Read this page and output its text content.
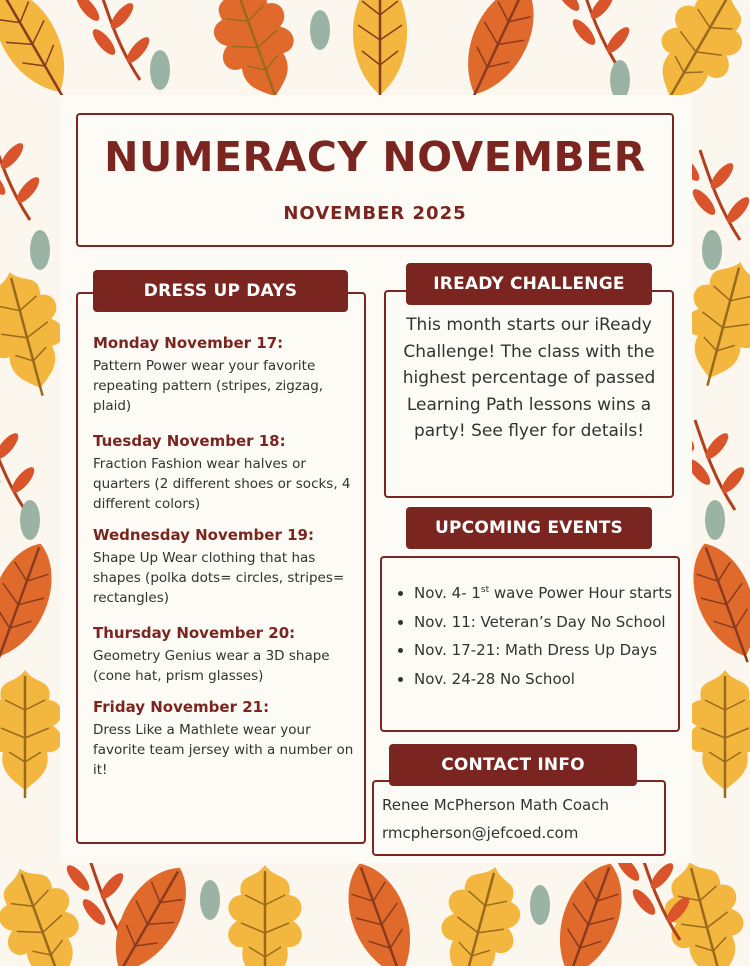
NUMERACY NOVEMBER
NOVEMBER 2025

Monday November 17:

Pattern Power wear your favorite repeating pattern (stripes, zigzag, plaid)

Tuesday November 18:

Fraction Fashion wear halves or quarters (2 different shoes or socks, 4 different colors)

Wednesday November 19:

Shape Up Wear clothing that has shapes (polka dots= circles, stripes= rectangles)

Thursday November 20:

Geometry Genius wear a 3D shape (cone hat, prism glasses)

Friday November 21:

Dress Like a Mathlete wear your favorite team jersey with a number on it!

DRESS UP DAYS
This month starts our iReady Challenge! The class with the highest percentage of passed Learning Path lessons wins a party! See flyer for details!
IREADY CHALLENGE
• Nov. 4- 1st wave Power Hour starts
• Nov. 11: Veteran’s Day No School
• Nov. 17-21: Math Dress Up Days
• Nov. 24-28 No School
UPCOMING EVENTS
Renee McPherson Math Coach
rmcpherson@jefcoed.com
CONTACT INFO
